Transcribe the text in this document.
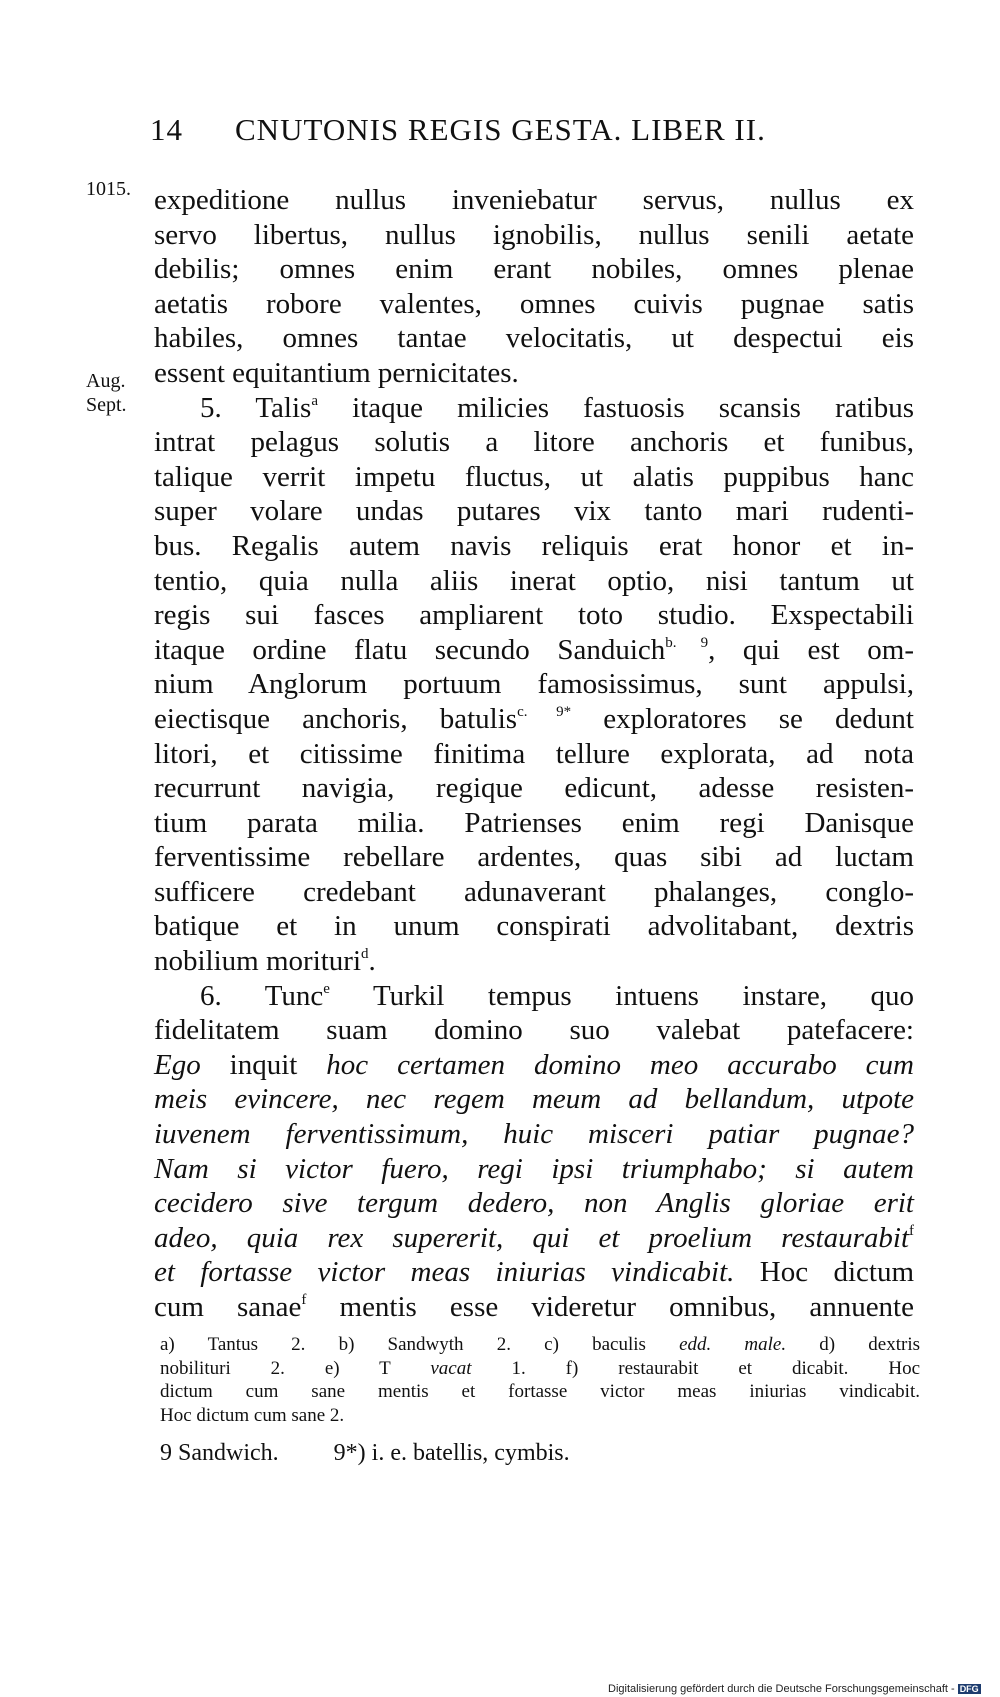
14 CNUTONIS REGIS GESTA. LIBER II.
1015.
Aug.
Sept.
expeditione nullus inveniebatur servus, nullus ex
servo libertus, nullus ignobilis, nullus senili aetate
debilis; omnes enim erant nobiles, omnes plenae
aetatis robore valentes, omnes cuivis pugnae satis
habiles, omnes tantae velocitatis, ut despectui eis
essent equitantium pernicitates.
5. Talis$^a$ itaque milicies fastuosis scansis ratibus
intrat pelagus solutis a litore anchoris et funibus,
talique verrit impetu fluctus, ut alatis puppibus hanc
super volare undas putares vix tanto mari rudenti-
bus. Regalis autem navis reliquis erat honor et in-
tentio, quia nulla aliis inerat optio, nisi tantum ut
regis sui fasces ampliarent toto studio. Exspectabili
itaque ordine flatu secundo Sanduich$^{b. 9}$, qui est om-
nium Anglorum portuum famosissimus, sunt appulsi,
eiectisque anchoris, batulis$^{c. 9*}$ exploratores se dedunt
litori, et citissime finitima tellure explorata, ad nota
recurrunt navigia, regique edicunt, adesse resisten-
tium parata milia. Patrienses enim regi Danisque
ferventissime rebellare ardentes, quas sibi ad luctam
sufficere credebant adunaverant phalanges, conglo-
batique et in unum conspirati advolitabant, dextris
nobilium morituri$^d$.
6. Tunc$^e$ Turkil tempus intuens instare, quo
fidelitatem suam domino suo valebat patefacere:
Ego inquit hoc certamen domino meo accurabo cum
meis evincere, nec regem meum ad bellandum, utpote
iuvenem ferventissimum, huic misceri patiar pugnae?
Nam si victor fuero, regi ipsi triumphabo; si autem
cecidero sive tergum dedero, non Anglis gloriae erit
adeo, quia rex supererit, qui et proelium restaurabit$^f$
et fortasse victor meas iniurias vindicabit. Hoc dictum
cum sanae$^f$ mentis esse videretur omnibus, annuente
a) Tantus 2. b) Sandwyth 2. c) baculis edd. male. d) dextris
nobilituri 2. e) T vacat 1. f) restaurabit et dicabit. Hoc
dictum cum sane mentis et fortasse victor meas iniurias vindicabit.
Hoc dictum cum sane 2.
9 Sandwich. 9*) i. e. batellis, cymbis.
Digitalisierung gefördert durch die Deutsche Forschungsgemeinschaft - DFG
